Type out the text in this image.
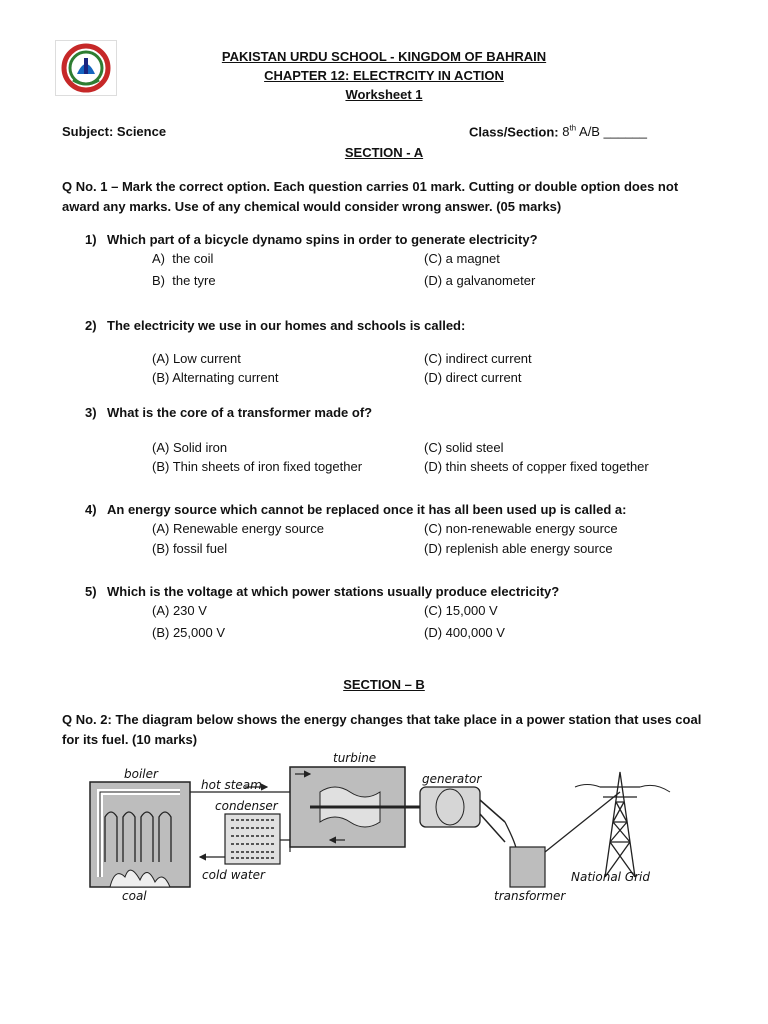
PAKISTAN URDU SCHOOL - KINGDOM OF BAHRAIN
CHAPTER 12: ELECTRCITY IN ACTION
Worksheet 1
Subject: Science	Class/Section: 8th A/B ______
SECTION - A
Q No. 1 – Mark the correct option. Each question carries 01 mark. Cutting or double option does not award any marks. Use of any chemical would consider wrong answer. (05 marks)
1) Which part of a bicycle dynamo spins in order to generate electricity?
A)  the coil	(C) a magnet
B)  the tyre	(D) a galvanometer
2) The electricity we use in our homes and schools is called:
(A) Low current	(C) indirect current
(B) Alternating current	(D) direct current
3) What is the core of a transformer made of?
(A) Solid iron	(C) solid steel
(B) Thin sheets of iron fixed together	(D) thin sheets of copper fixed together
4) An energy source which cannot be replaced once it has all been used up is called a:
(A) Renewable energy source	(C) non-renewable energy source
(B) fossil fuel	(D) replenish able energy source
5) Which is the voltage at which power stations usually produce electricity?
(A) 230 V	(C) 15,000 V
(B) 25,000 V	(D) 400,000 V
SECTION – B
Q No. 2: The diagram below shows the energy changes that take place in a power station that uses coal for its fuel. (10 marks)
boiler
hot steam
turbine
condenser
generator
cold water
coal	transformer
National Grid
